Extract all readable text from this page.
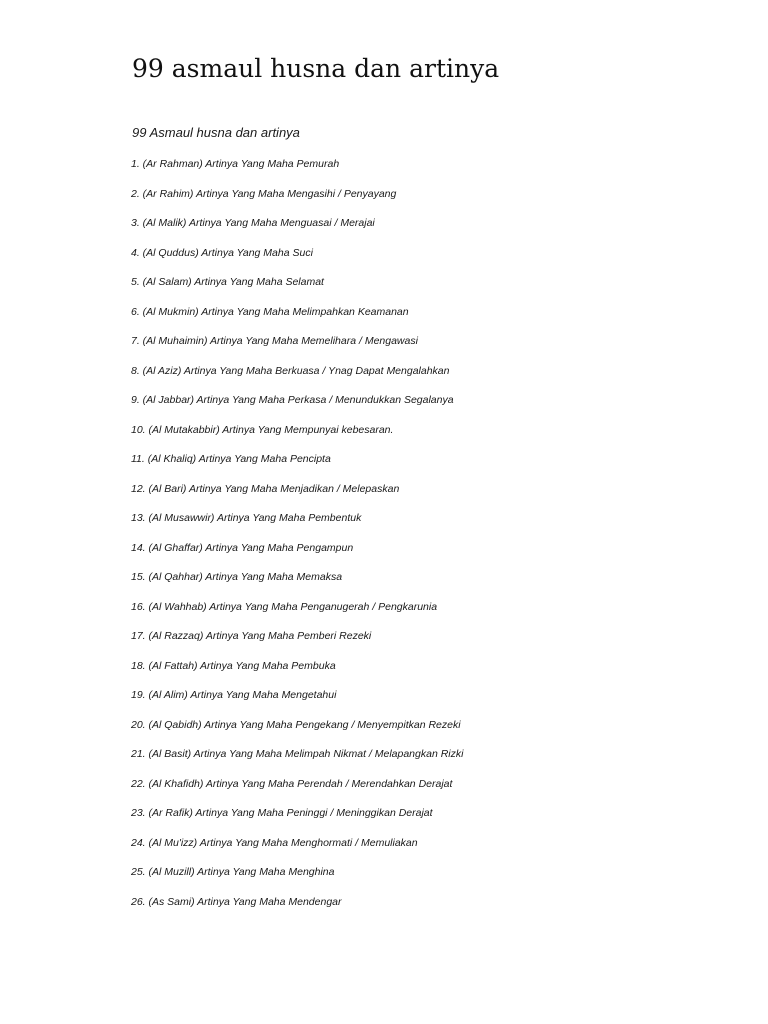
99 asmaul husna dan artinya

99 Asmaul husna dan artinya

1. (Ar Rahman) Artinya Yang Maha Pemurah
2. (Ar Rahim) Artinya Yang Maha Mengasihi / Penyayang
3. (Al Malik) Artinya Yang Maha Menguasai / Merajai
4. (Al Quddus) Artinya Yang Maha Suci
5. (Al Salam) Artinya Yang Maha Selamat
6. (Al Mukmin) Artinya Yang Maha Melimpahkan Keamanan
7. (Al Muhaimin) Artinya Yang Maha Memelihara / Mengawasi
8. (Al Aziz) Artinya Yang Maha Berkuasa / Ynag Dapat Mengalahkan
9. (Al Jabbar) Artinya Yang Maha Perkasa / Menundukkan Segalanya
10. (Al Mutakabbir) Artinya Yang Mempunyai kebesaran.
11. (Al Khaliq) Artinya Yang Maha Pencipta
12. (Al Bari) Artinya Yang Maha Menjadikan / Melepaskan
13. (Al Musawwir) Artinya Yang Maha Pembentuk
14. (Al Ghaffar) Artinya Yang Maha Pengampun
15. (Al Qahhar) Artinya Yang Maha Memaksa
16. (Al Wahhab) Artinya Yang Maha Penganugerah / Pengkarunia
17. (Al Razzaq) Artinya Yang Maha Pemberi Rezeki
18. (Al Fattah) Artinya Yang Maha Pembuka
19. (Al Alim) Artinya Yang Maha Mengetahui
20. (Al Qabidh) Artinya Yang Maha Pengekang / Menyempitkan Rezeki
21. (Al Basit) Artinya Yang Maha Melimpah Nikmat / Melapangkan Rizki
22. (Al Khafidh) Artinya Yang Maha Perendah / Merendahkan Derajat
23. (Ar Rafik) Artinya Yang Maha Peninggi / Meninggikan Derajat
24. (Al Mu'izz) Artinya Yang Maha Menghormati / Memuliakan
25. (Al Muzill) Artinya Yang Maha Menghina
26. (As Sami) Artinya Yang Maha Mendengar
